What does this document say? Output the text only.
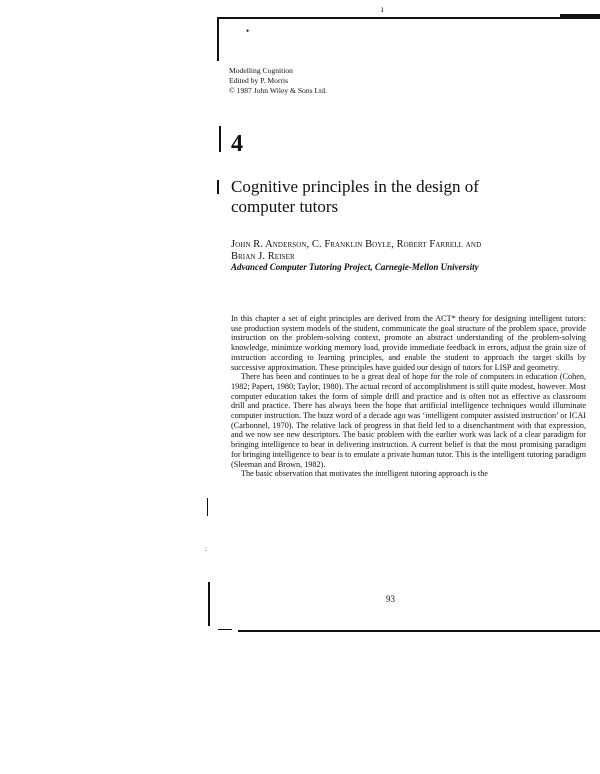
ı
•
:
Modelling Cognition
Edited by P. Morris
© 1987 John Wiley & Sons Ltd.
4
Cognitive principles in the design of
computer tutors
John R. Anderson, C. Franklin Boyle, Robert Farrell and
Brian J. Reiser
Advanced Computer Tutoring Project, Carnegie-Mellon University

In this chapter a set of eight principles are derived from the ACT* theory for designing intelligent tutors: use production system models of the student, communicate the goal structure of the problem space, provide instruction on the problem-solving context, promote an abstract understanding of the problem-solving knowledge, minimize working memory load, provide immediate feedback in errors, adjust the grain size of instruction according to learning principles, and enable the student to approach the target skills by successive approximation. These principles have guided our design of tutors for LISP and geometry.

There has been and continues to be a great deal of hope for the role of computers in education (Cohen, 1982; Papert, 1980; Taylor, 1980). The actual record of accomplishment is still quite modest, however. Most computer education takes the form of simple drill and practice and is often not as effective as classroom drill and practice. There has always been the hope that artificial intelligence techniques would illuminate computer instruction. The buzz word of a decade ago was ‘intelligent computer assisted instruction’ or ICAI (Carbonnel, 1970). The relative lack of progress in that field led to a disenchantment with that expression, and we now see new descriptors. The basic problem with the earlier work was lack of a clear paradigm for bringing intelligence to bear in delivering instruction. A current belief is that the most promising paradigm for bringing intelligence to bear is to emulate a private human tutor. This is the intelligent tutoring paradigm (Sleeman and Brown, 1982).

The basic observation that motivates the intelligent tutoring approach is the

93
